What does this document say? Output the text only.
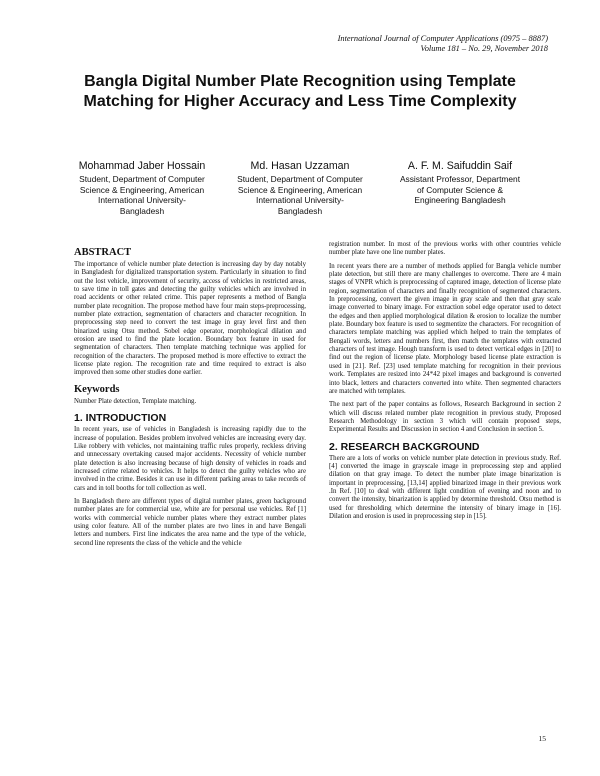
International Journal of Computer Applications (0975 – 8887)
Volume 181 – No. 29, November 2018
Bangla Digital Number Plate Recognition using Template Matching for Higher Accuracy and Less Time Complexity
Mohammad Jaber Hossain
Student, Department of Computer
Science & Engineering, American
International University-
Bangladesh
Md. Hasan Uzzaman
Student, Department of Computer
Science & Engineering, American
International University-
Bangladesh
A. F. M. Saifuddin Saif
Assistant Professor, Department
of Computer Science &
Engineering Bangladesh
ABSTRACT

The importance of vehicle number plate detection is increasing day by day notably in Bangladesh for digitalized transportation system. Particularly in situation to find out the lost vehicle, improvement of security, access of vehicles in restricted areas, to save time in toll gates and detecting the guilty vehicles which are involved in road accidents or other related crime. This paper represents a method of Bangla number plate recognition. The propose method have four main steps-preprocessing, number plate extraction, segmentation of characters and character recognition. In preprocessing step need to convert the test image in gray level first and then binarized using Otsu method. Sobel edge operator, morphological dilation and erosion are used to find the plate location. Boundary box feature in used for segmentation of characters. Then template matching technique was applied for recognition of the characters. The proposed method is more effective to extract the license plate region. The recognition rate and time required to extract is also improved then some other studies done earlier.

Keywords

Number Plate detection, Template matching.

1. INTRODUCTION

In recent years, use of vehicles in Bangladesh is increasing rapidly due to the increase of population. Besides problem involved vehicles are increasing every day. Like robbery with vehicles, not maintaining traffic rules properly, reckless driving and unnecessary overtaking caused major accidents. Necessity of vehicle number plate detection is also increasing because of high density of vehicles in roads and increased crime related to vehicles. It helps to detect the guilty vehicles who are involved in the crime. Besides it can use in different parking areas to take records of cars and in toll booths for toll collection as well.

In Bangladesh there are different types of digital number plates, green background number plates are for commercial use, white are for personal use vehicles. Ref [1] works with commercial vehicle number plates where they extract number plates using color feature. All of the number plates are two lines in and have Bengali letters and numbers. First line indicates the area name and the type of the vehicle, second line represents the class of the vehicle and the vehicle

registration number. In most of the previous works with other countries vehicle number plate have one line number plates.

In recent years there are a number of methods applied for Bangla vehicle number plate detection, but still there are many challenges to overcome. There are 4 main stages of VNPR which is preprocessing of captured image, detection of license plate region, segmentation of characters and finally recognition of segmented characters. In preprocessing, convert the given image in gray scale and then that gray scale image converted to binary image. For extraction sobel edge operator used to detect the edges and then applied morphological dilation & erosion to localize the number plate. Boundary box feature is used to segmentize the characters. For recognition of characters template matching was applied which helped to train the templates of Bengali words, letters and numbers first, then match the templates with extracted characters of test image. Hough transform is used to detect vertical edges in [20] to find out the region of license plate. Morphology based license plate extraction is used in [21]. Ref. [23] used template matching for recognition in their previous work. Templates are resized into 24*42 pixel images and background is converted into black, letters and characters converted into white. Then segmented characters are matched with templates.

The next part of the paper contains as follows, Research Background in section 2 which will discuss related number plate recognition in previous study, Proposed Research Methodology in section 3 which will contain proposed steps, Experimental Results and Discussion in section 4 and Conclusion in section 5.

2. RESEARCH BACKGROUND

There are a lots of works on vehicle number plate detection in previous study. Ref. [4] converted the image in grayscale image in preprocessing step and applied dilation on that gray image. To detect the number plate image binarization is important in preprocessing, [13,14] applied binarized image in their previous work .In Ref. [10] to deal with different light condition of evening and noon and to convert the intensity, binarization is applied by determine threshold. Otsu method is used for thresholding which determine the intensity of binary image in [16]. Dilation and erosion is used in preprocessing step in [15].

15
